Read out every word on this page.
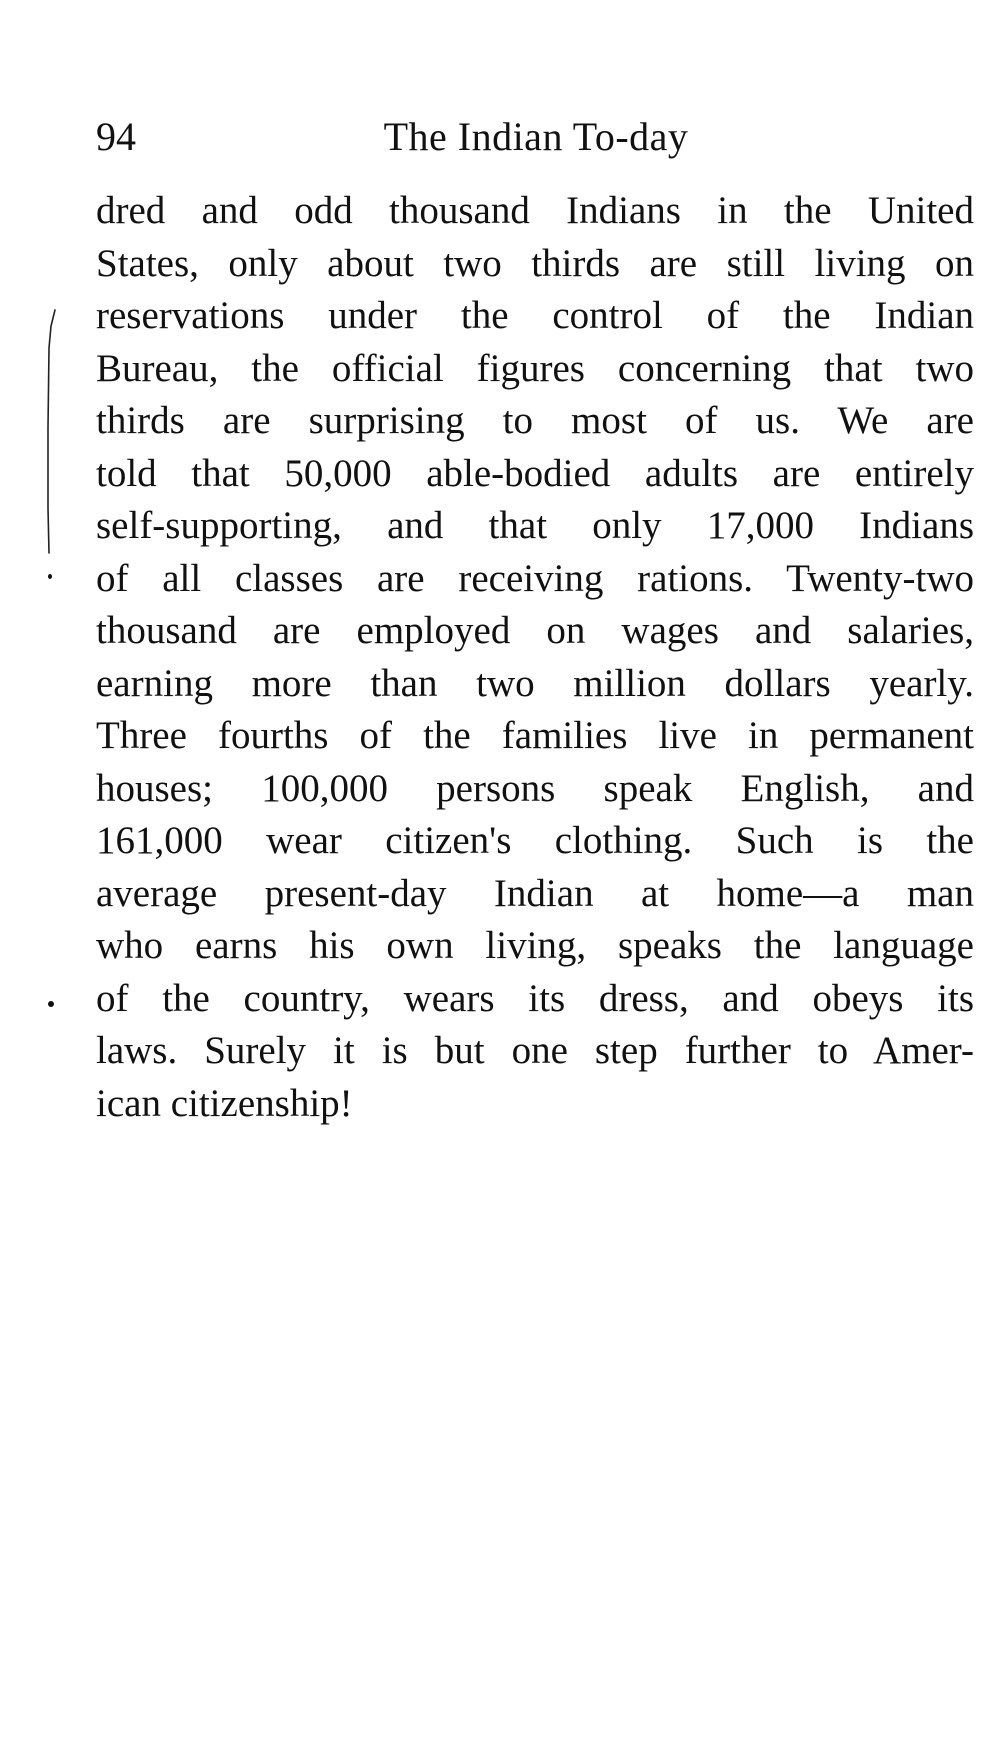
94	The Indian To-day
dred and odd thousand Indians in the United
States, only about two thirds are still living on
reservations under the control of the Indian
Bureau, the official figures concerning that two
thirds are surprising to most of us. We are
told that 50,000 able-bodied adults are entirely
self-supporting, and that only 17,000 Indians
of all classes are receiving rations. Twenty-two
thousand are employed on wages and salaries,
earning more than two million dollars yearly.
Three fourths of the families live in permanent
houses; 100,000 persons speak English, and
161,000 wear citizen's clothing. Such is the
average present-day Indian at home—a man
who earns his own living, speaks the language
of the country, wears its dress, and obeys its
laws. Surely it is but one step further to Amer-
ican citizenship!
